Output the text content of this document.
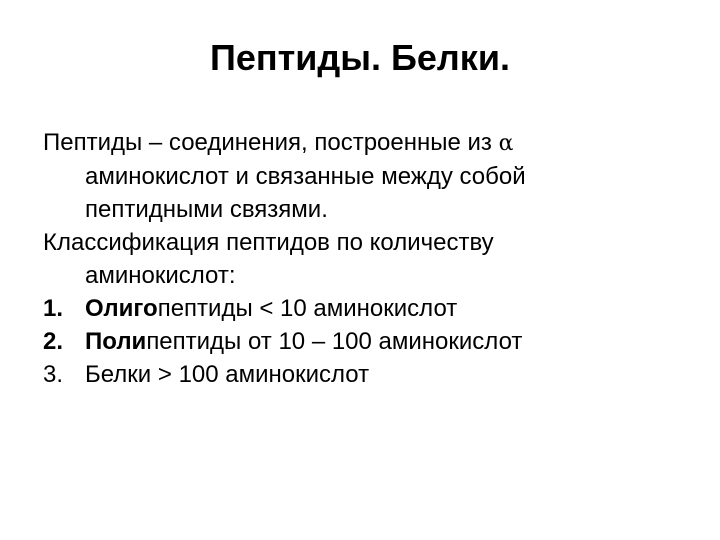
Пептиды. Белки.

Пептиды – соединения, построенные из α
аминокислот и связанные между собой
пептидными связями.

Классификация пептидов по количеству
аминокислот:

1. Олигопептиды < 10 аминокислот

2. Полипептиды от 10 – 100 аминокислот

3. Белки > 100 аминокислот
